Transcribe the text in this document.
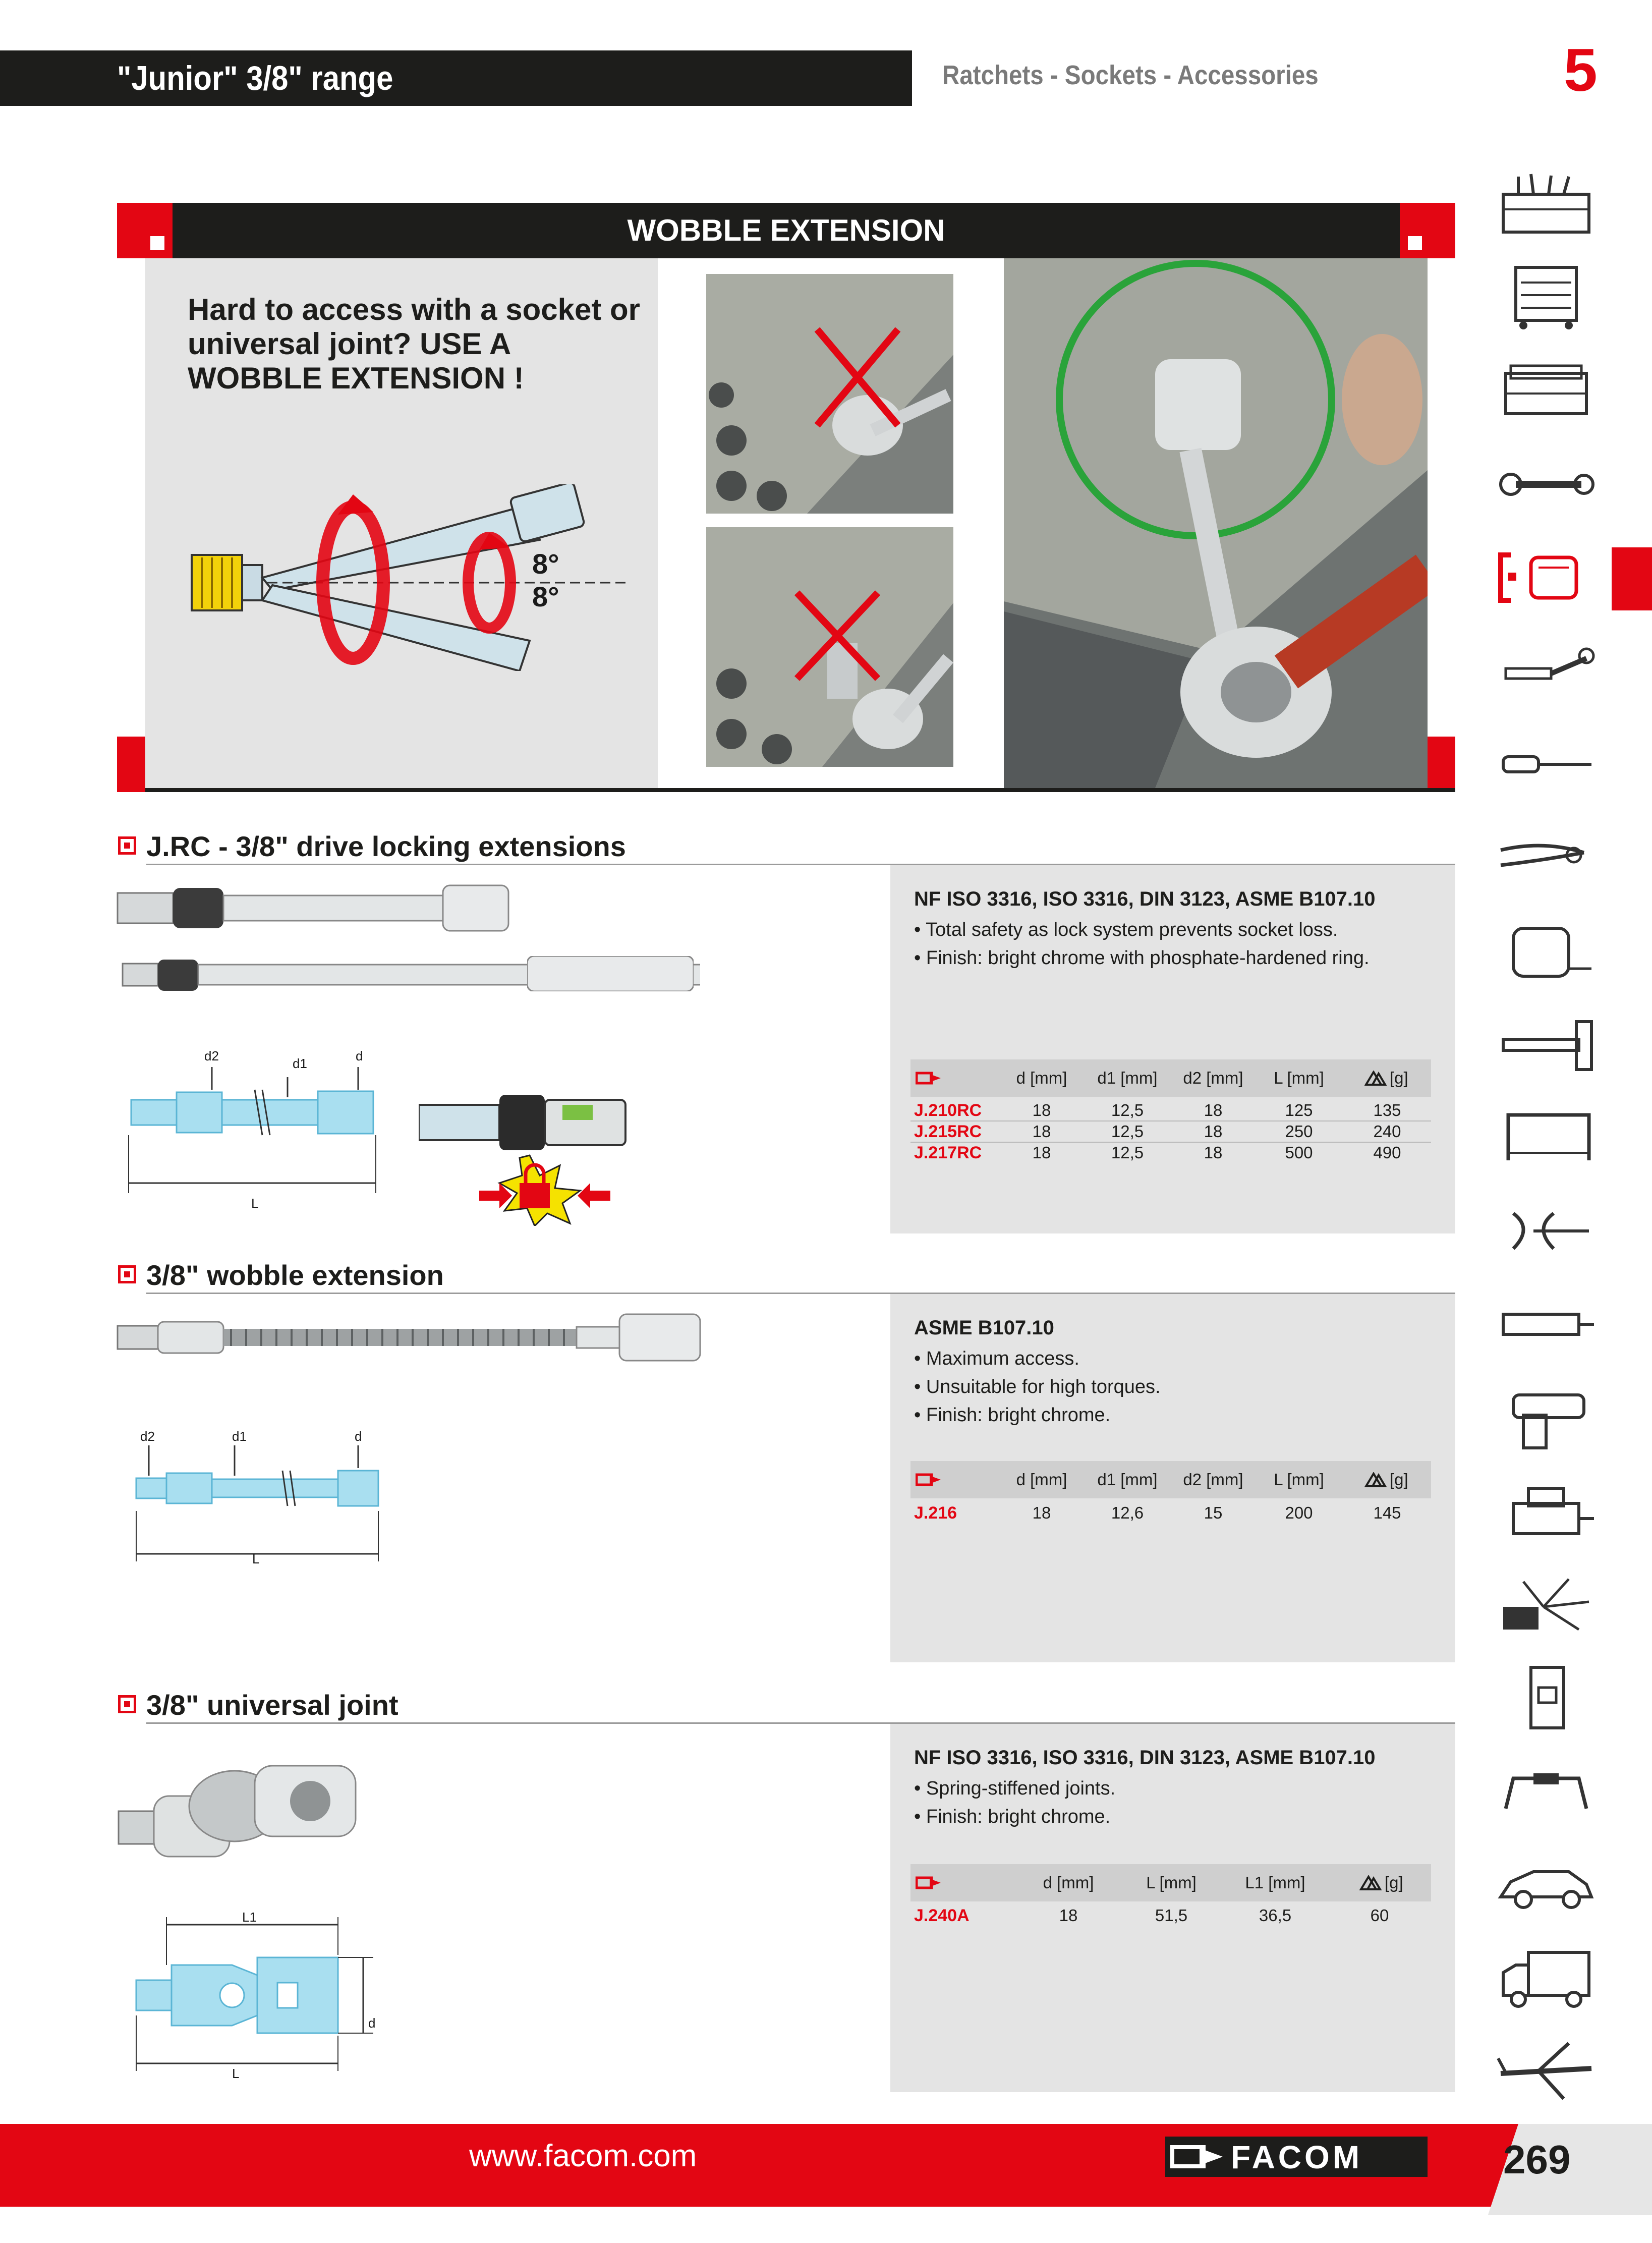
"Junior" 3/8" range	Ratchets - Sockets - Accessories	5
WOBBLE EXTENSION
Hard to access with a socket or universal joint? USE A WOBBLE EXTENSION !
8°
8°
J.RC - 3/8" drive locking extensions
NF ISO 3316, ISO 3316, DIN 3123, ASME B107.10
• Total safety as lock system prevents socket loss.
• Finish: bright chrome with phosphate-hardened ring.
d [mm]	d1 [mm]	d2 [mm]	L [mm]	[g]
J.210RC	18	12,5	18	125	135
J.215RC	18	12,5	18	250	240
J.217RC	18	12,5	18	500	490
d2	d1	d
L
3/8" wobble extension
ASME B107.10
• Maximum access.
• Unsuitable for high torques.
• Finish: bright chrome.
d [mm]	d1 [mm]	d2 [mm]	L [mm]	[g]
J.216	18	12,6	15	200	145
d2	d1	d
L
3/8" universal joint
NF ISO 3316, ISO 3316, DIN 3123, ASME B107.10
• Spring-stiffened joints.
• Finish: bright chrome.
d [mm]	L [mm]	L1 [mm]	[g]
J.240A	18	51,5	36,5	60
L1
d
L
www.facom.com	FACOM	269
